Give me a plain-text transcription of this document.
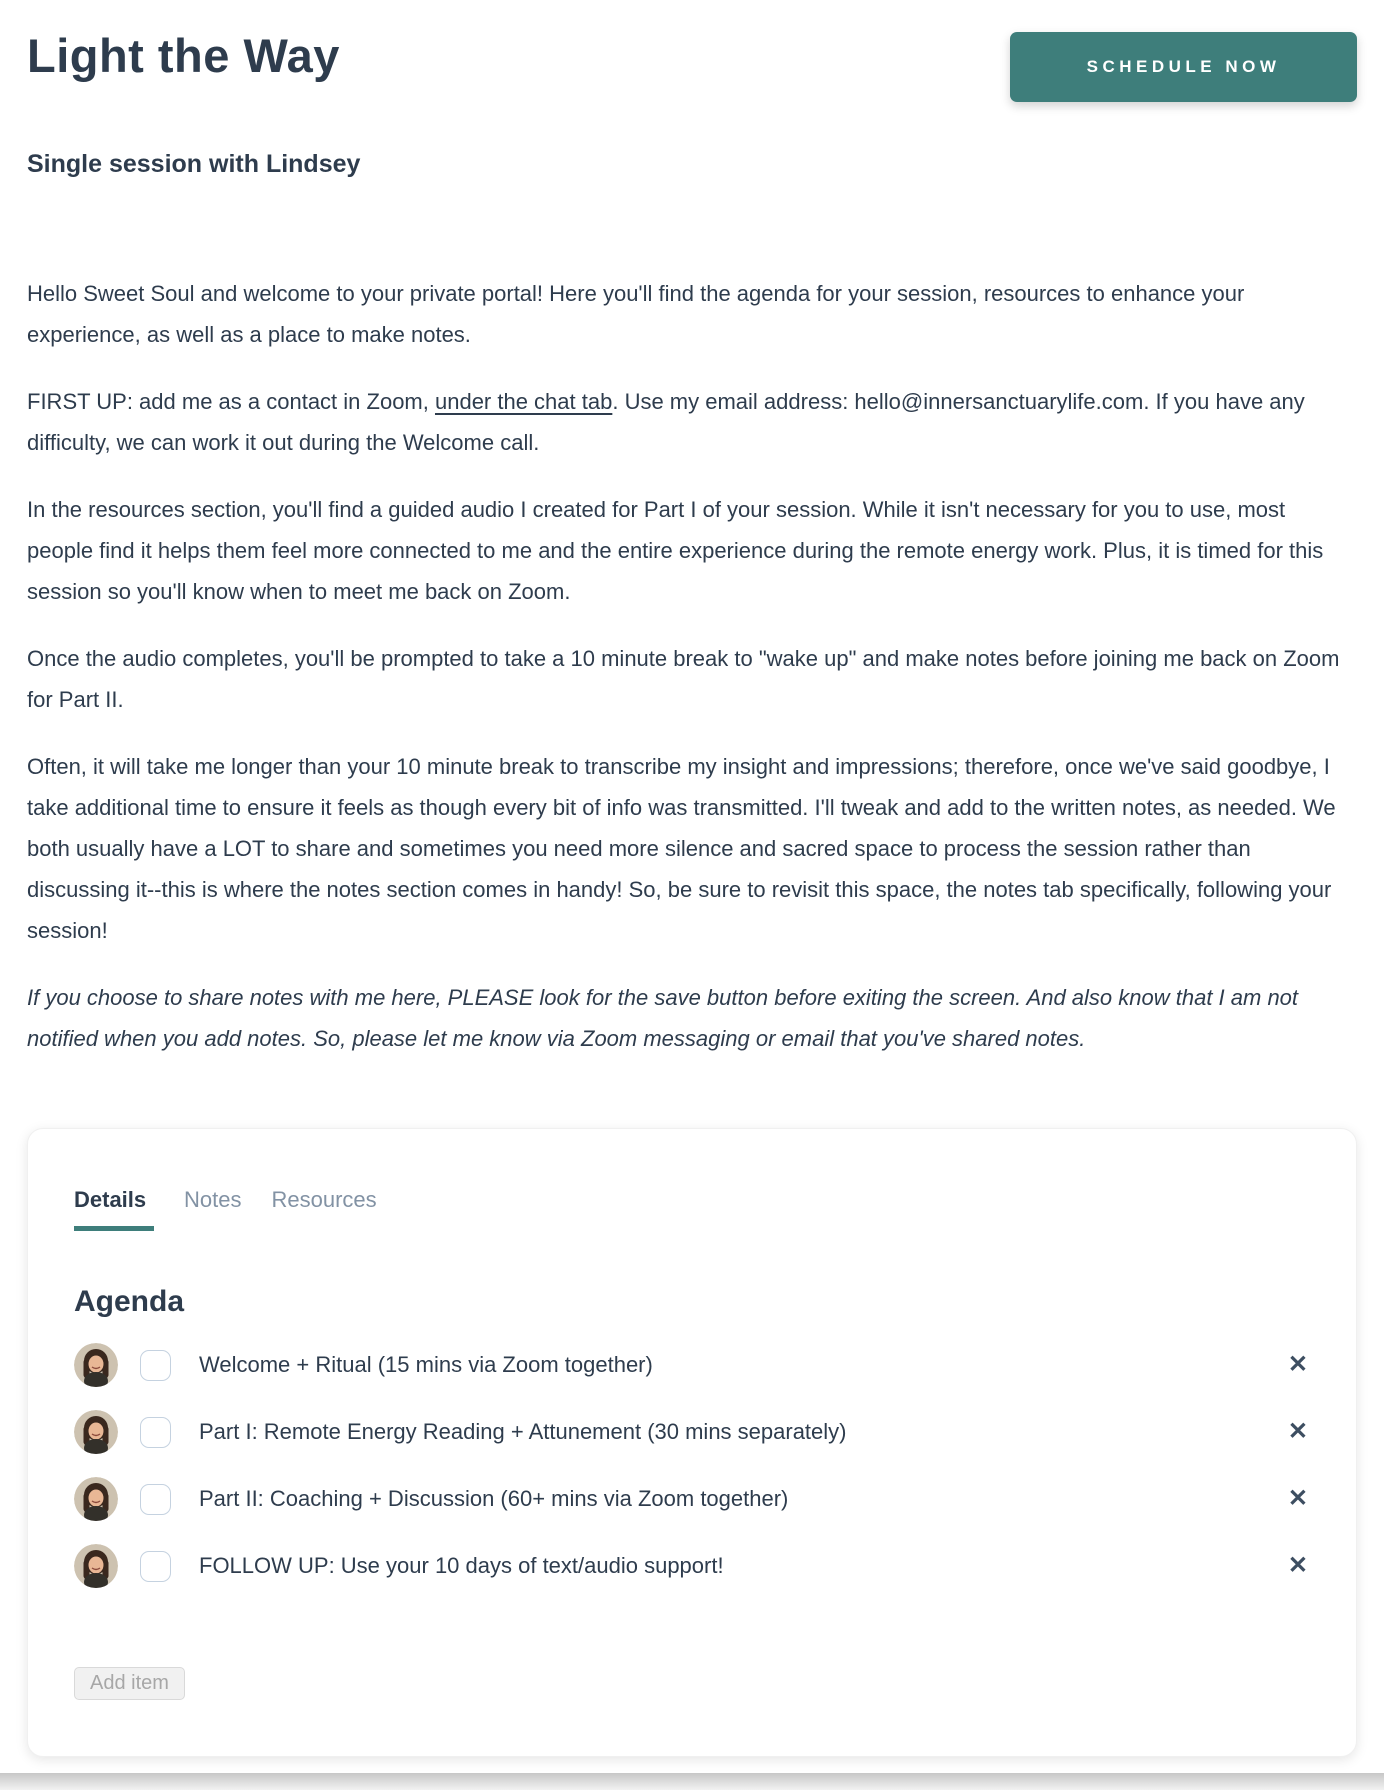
Light the Way	SCHEDULE NOW
Single session with Lindsey

Hello Sweet Soul and welcome to your private portal! Here you'll find the agenda for your session, resources to enhance your experience, as well as a place to make notes.

FIRST UP: add me as a contact in Zoom, under the chat tab. Use my email address: hello@innersanctuarylife.com. If you have any difficulty, we can work it out during the Welcome call.

In the resources section, you'll find a guided audio I created for Part I of your session. While it isn't necessary for you to use, most people find it helps them feel more connected to me and the entire experience during the remote energy work. Plus, it is timed for this session so you'll know when to meet me back on Zoom.

Once the audio completes, you'll be prompted to take a 10 minute break to "wake up" and make notes before joining me back on Zoom for Part II.

Often, it will take me longer than your 10 minute break to transcribe my insight and impressions; therefore, once we've said goodbye, I take additional time to ensure it feels as though every bit of info was transmitted. I'll tweak and add to the written notes, as needed. We both usually have a LOT to share and sometimes you need more silence and sacred space to process the session rather than discussing it--this is where the notes section comes in handy! So, be sure to revisit this space, the notes tab specifically, following your session!

If you choose to share notes with me here, PLEASE look for the save button before exiting the screen. And also know that I am not notified when you add notes. So, please let me know via Zoom messaging or email that you've shared notes.

Details	Notes Resources
Agenda
Welcome + Ritual (15 mins via Zoom together)	✕
Part I: Remote Energy Reading + Attunement (30 mins separately)	✕
Part II: Coaching + Discussion (60+ mins via Zoom together)	✕
FOLLOW UP: Use your 10 days of text/audio support!	✕
Add item
